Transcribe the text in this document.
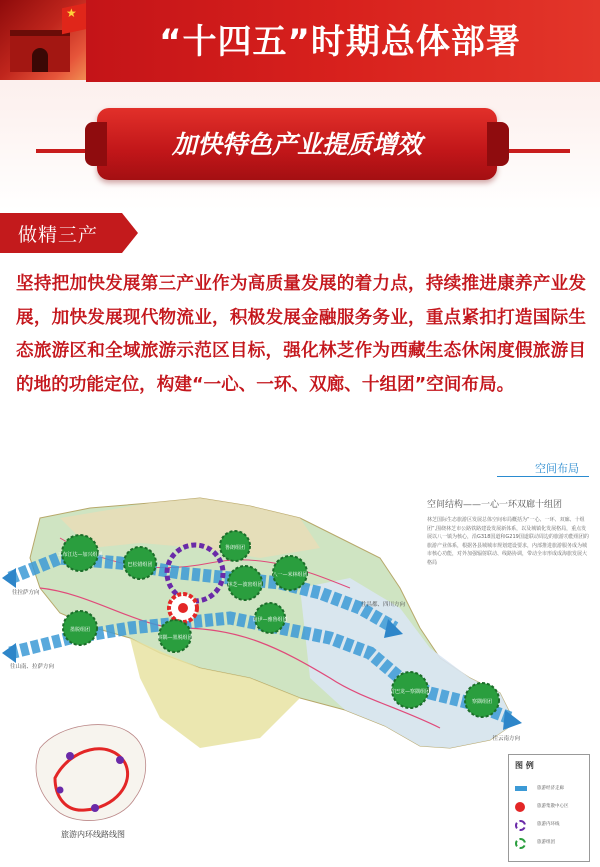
★
“十四五”时期总体部署
加快特色产业提质增效
做精三产
坚持把加快发展第三产业作为高质量发展的着力点，持续推进康养产业发展，加快发展现代物流业，积极发展金融服务务业，重点紧扣打造国际生态旅游区和全域旅游示范区目标，强化林芝作为西藏生态休闲度假旅游目的地的功能定位，构建“一心、一环、双廊、十组团”空间布局。
空间布局
工布江达—加兴组团
巴松错组团
鲁朗组团
八一—米林组团
林芝—波密组团
南伊—雅鲁组团
察隅—墨脱组团
墨脱组团
竹巴龙—察隅组团
察隅组团
往拉萨方向
往山南、拉萨方向
往昌都、四川方向
往云南方向
空间结构——一心一环双廊十组团
林芝国际生态旅游区发展总体空间布局概括为“一心、一环、双廊、十组团”,围绕林芝市公路铁路建设发展新体系，以及城镇化发展格局，重点发展以八一镇为核心，沿G318国道和G219国道联动周边的旅游功能组团的旅游产业体系，根据各县城城市规划建设要求，内部推进旅游服务成为城市核心功能，对外加强辐射联动、线路协调，带动全市形成成海旅发展大格局
图 例
旅游经济走廊
旅游集散中心区
旅游内环线
旅游组团
旅游内环线路线图
